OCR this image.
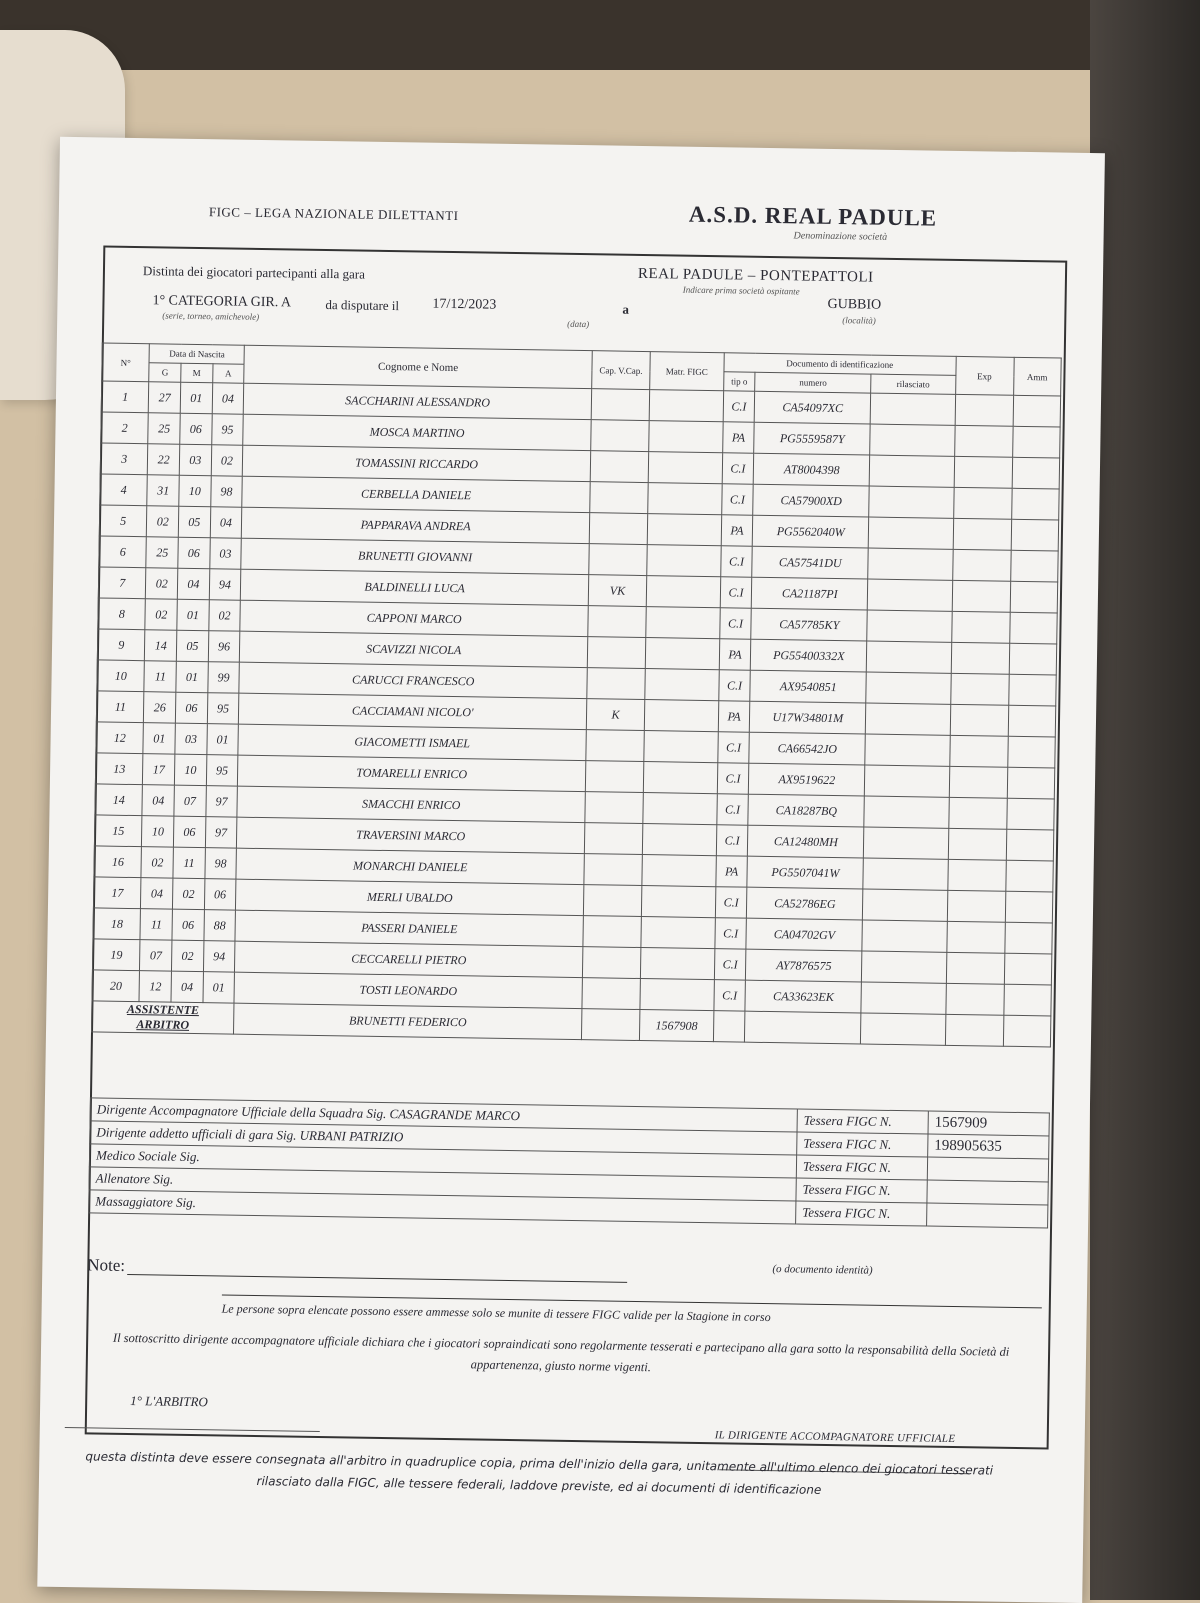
FIGC – LEGA NAZIONALE DILETTANTI	A.S.D. REAL PADULE
Denominazione società
Distinta dei giocatori partecipanti alla gara	REAL PADULE – PONTEPATTOLI
Indicare prima società ospitante
1° CATEGORIA GIR. A
(serie, torneo, amichevole)
da disputare il 17/12/2023
(data)
a	GUBBIO
(località)
N°	Data di Nascita			Cognome e Nome	Cap. V.Cap.	Matr. FIGC	Documento di identificazione			Exp	Amm
	G	M	A				tip o	numero	rilasciato		
1	27	01	04	SACCHARINI ALESSANDRO			C.I	CA54097XC			
2	25	06	95	MOSCA MARTINO			PA	PG5559587Y			
3	22	03	02	TOMASSINI RICCARDO			C.I	AT8004398			
4	31	10	98	CERBELLA DANIELE			C.I	CA57900XD			
5	02	05	04	PAPPARAVA ANDREA			PA	PG5562040W			
6	25	06	03	BRUNETTI GIOVANNI			C.I	CA57541DU			
7	02	04	94	BALDINELLI LUCA	VK		C.I	CA21187PI			
8	02	01	02	CAPPONI MARCO			C.I	CA57785KY			
9	14	05	96	SCAVIZZI NICOLA			PA	PG55400332X			
10	11	01	99	CARUCCI FRANCESCO			C.I	AX9540851			
11	26	06	95	CACCIAMANI NICOLO'	K		PA	U17W34801M			
12	01	03	01	GIACOMETTI ISMAEL			C.I	CA66542JO			
13	17	10	95	TOMARELLI ENRICO			C.I	AX9519622			
14	04	07	97	SMACCHI ENRICO			C.I	CA18287BQ			
15	10	06	97	TRAVERSINI MARCO			C.I	CA12480MH			
16	02	11	98	MONARCHI DANIELE			PA	PG5507041W			
17	04	02	06	MERLI UBALDO			C.I	CA52786EG			
18	11	06	88	PASSERI DANIELE			C.I	CA04702GV			
19	07	02	94	CECCARELLI PIETRO			C.I	AY7876575			
20	12	04	01	TOSTI LEONARDO			C.I	CA33623EK			

ASSISTENTE
ARBITRO				BRUNETTI FEDERICO		1567908					
Dirigente Accompagnatore Ufficiale della Squadra Sig. CASAGRANDE MARCO	Tessera FIGC N.	1567909
Dirigente addetto ufficiali di gara Sig. URBANI PATRIZIO	Tessera FIGC N.	198905635
Medico Sociale Sig.	Tessera FIGC N.	
Allenatore Sig.	Tessera FIGC N.	
Massaggiatore Sig.	Tessera FIGC N.	
Note:	(o documento identità)
Le persone sopra elencate possono essere ammesse solo se munite di tessere FIGC valide per la Stagione in corso
Il sottoscritto dirigente accompagnatore ufficiale dichiara che i giocatori sopraindicati sono regolarmente tesserati e partecipano alla gara sotto la responsabilità della Società di appartenenza, giusto norme vigenti.
1° L'ARBITRO
IL DIRIGENTE ACCOMPAGNATORE UFFICIALE
questa distinta deve essere consegnata all'arbitro in quadruplice copia, prima dell'inizio della gara, unitamente all'ultimo elenco dei giocatori tesserati rilasciato dalla FIGC, alle tessere federali, laddove previste, ed ai documenti di identificazione
